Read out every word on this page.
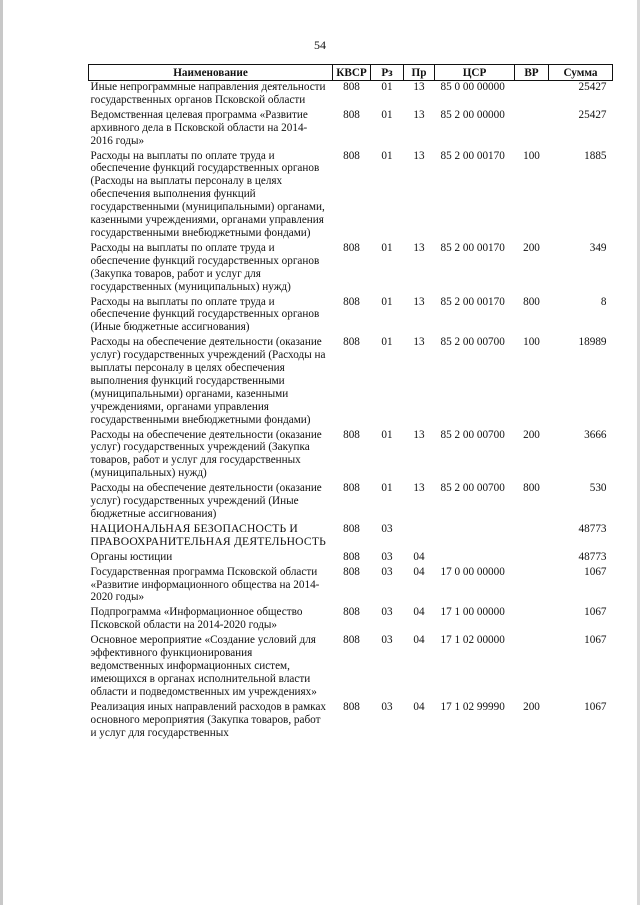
54
Наименование	КВСР	Рз	Пр	ЦСР	ВР	Сумма
Иные непрограммные направления деятельности государственных органов Псковской области	808	01	13	85 0 00 00000		25427
Ведомственная целевая программа «Развитие архивного дела в Псковской области на 2014-2016 годы»	808	01	13	85 2 00 00000		25427
Расходы на выплаты по оплате труда и обеспечение функций государственных органов (Расходы на выплаты персоналу в целях обеспечения выполнения функций государственными (муниципальными) органами, казенными учреждениями, органами управления государственными внебюджетными фондами)	808	01	13	85 2 00 00170	100	1885
Расходы на выплаты по оплате труда и обеспечение функций государственных органов (Закупка товаров, работ и услуг для государственных (муниципальных) нужд)	808	01	13	85 2 00 00170	200	349
Расходы на выплаты по оплате труда и обеспечение функций государственных органов (Иные бюджетные ассигнования)	808	01	13	85 2 00 00170	800	8
Расходы на обеспечение деятельности (оказание услуг) государственных учреждений (Расходы на выплаты персоналу в целях обеспечения выполнения функций государственными (муниципальными) органами, казенными учреждениями, органами управления государственными внебюджетными фондами)	808	01	13	85 2 00 00700	100	18989
Расходы на обеспечение деятельности (оказание услуг) государственных учреждений (Закупка товаров, работ и услуг для государственных (муниципальных) нужд)	808	01	13	85 2 00 00700	200	3666
Расходы на обеспечение деятельности (оказание услуг) государственных учреждений (Иные бюджетные ассигнования)	808	01	13	85 2 00 00700	800	530
НАЦИОНАЛЬНАЯ БЕЗОПАСНОСТЬ И ПРАВООХРАНИТЕЛЬНАЯ ДЕЯТЕЛЬНОСТЬ	808	03				48773
Органы юстиции	808	03	04			48773
Государственная программа Псковской области «Развитие информационного общества на 2014-2020 годы»	808	03	04	17 0 00 00000		1067
Подпрограмма «Информационное общество Псковской области на 2014-2020 годы»	808	03	04	17 1 00 00000		1067
Основное мероприятие «Создание условий для эффективного функционирования ведомственных информационных систем, имеющихся в органах исполнительной власти области и подведомственных им учреждениях»	808	03	04	17 1 02 00000		1067
Реализация иных направлений расходов в рамках основного мероприятия (Закупка товаров, работ и услуг для государственных	808	03	04	17 1 02 99990	200	1067
